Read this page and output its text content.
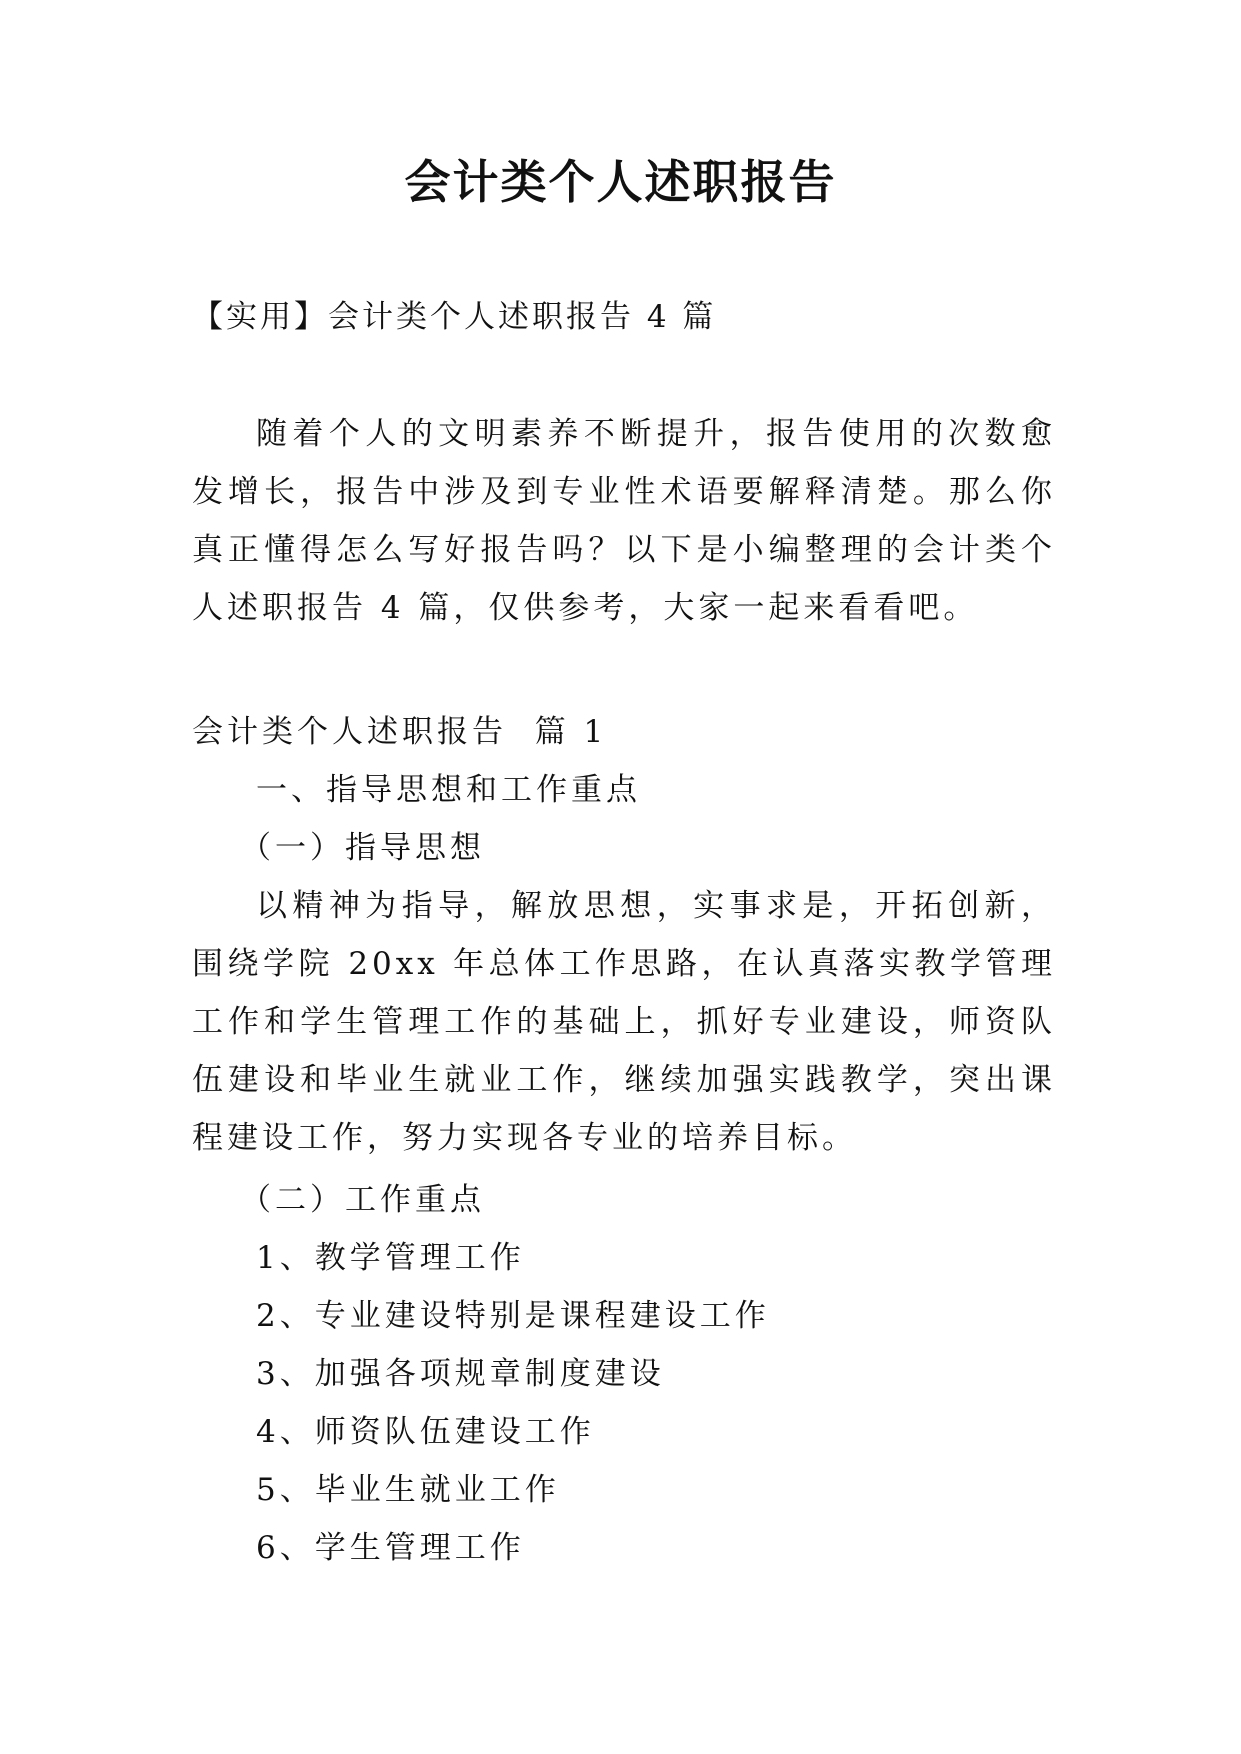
会计类个人述职报告
【实用】会计类个人述职报告 4 篇
随着个人的文明素养不断提升，报告使用的次数愈发增长，报告中涉及到专业性术语要解释清楚。那么你真正懂得怎么写好报告吗？以下是小编整理的会计类个人述职报告 4 篇，仅供参考，大家一起来看看吧。
会计类个人述职报告  篇 1
一、指导思想和工作重点
（一）指导思想
以精神为指导，解放思想，实事求是，开拓创新，围绕学院 20xx 年总体工作思路，在认真落实教学管理工作和学生管理工作的基础上，抓好专业建设，师资队伍建设和毕业生就业工作，继续加强实践教学，突出课程建设工作，努力实现各专业的培养目标。
（二）工作重点
1、教学管理工作
2、专业建设特别是课程建设工作
3、加强各项规章制度建设
4、师资队伍建设工作
5、毕业生就业工作
6、学生管理工作
